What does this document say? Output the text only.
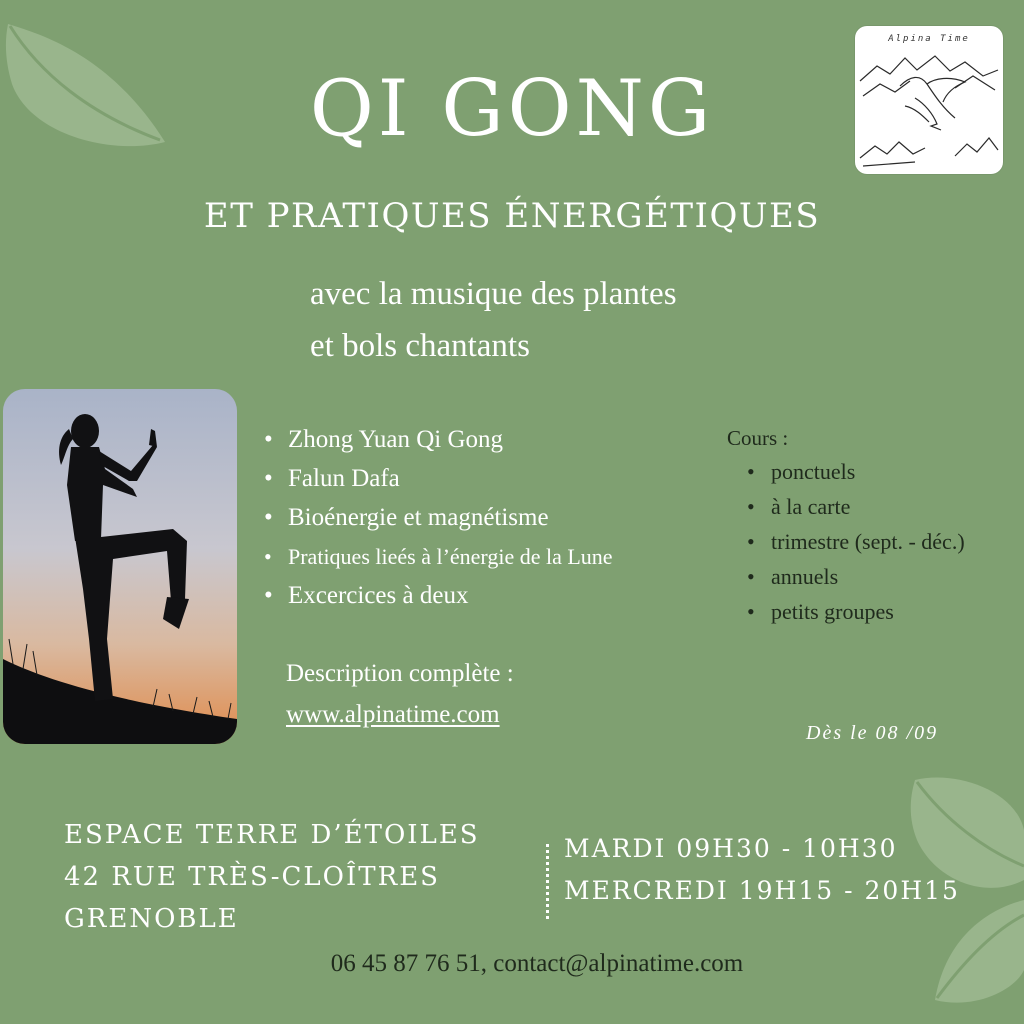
Alpina Time
QI GONG
ET PRATIQUES ÉNERGÉTIQUES
avec la musique des plantes
et bols chantants
• Zhong Yuan Qi Gong
• Falun Dafa
• Bioénergie et magnétisme
• Pratiques lieés à l’énergie de la Lune
• Excercices à deux
Cours :
• ponctuels
• à la carte
• trimestre (sept. - déc.)
• annuels
• petits groupes
Description complète :
www.alpinatime.com
Dès le 08 /09
ESPACE TERRE D’ÉTOILES
42 RUE TRÈS-CLOÎTRES
GRENOBLE
MARDI 09H30 - 10H30
MERCREDI 19H15 - 20H15
06 45 87 76 51, contact@alpinatime.com
